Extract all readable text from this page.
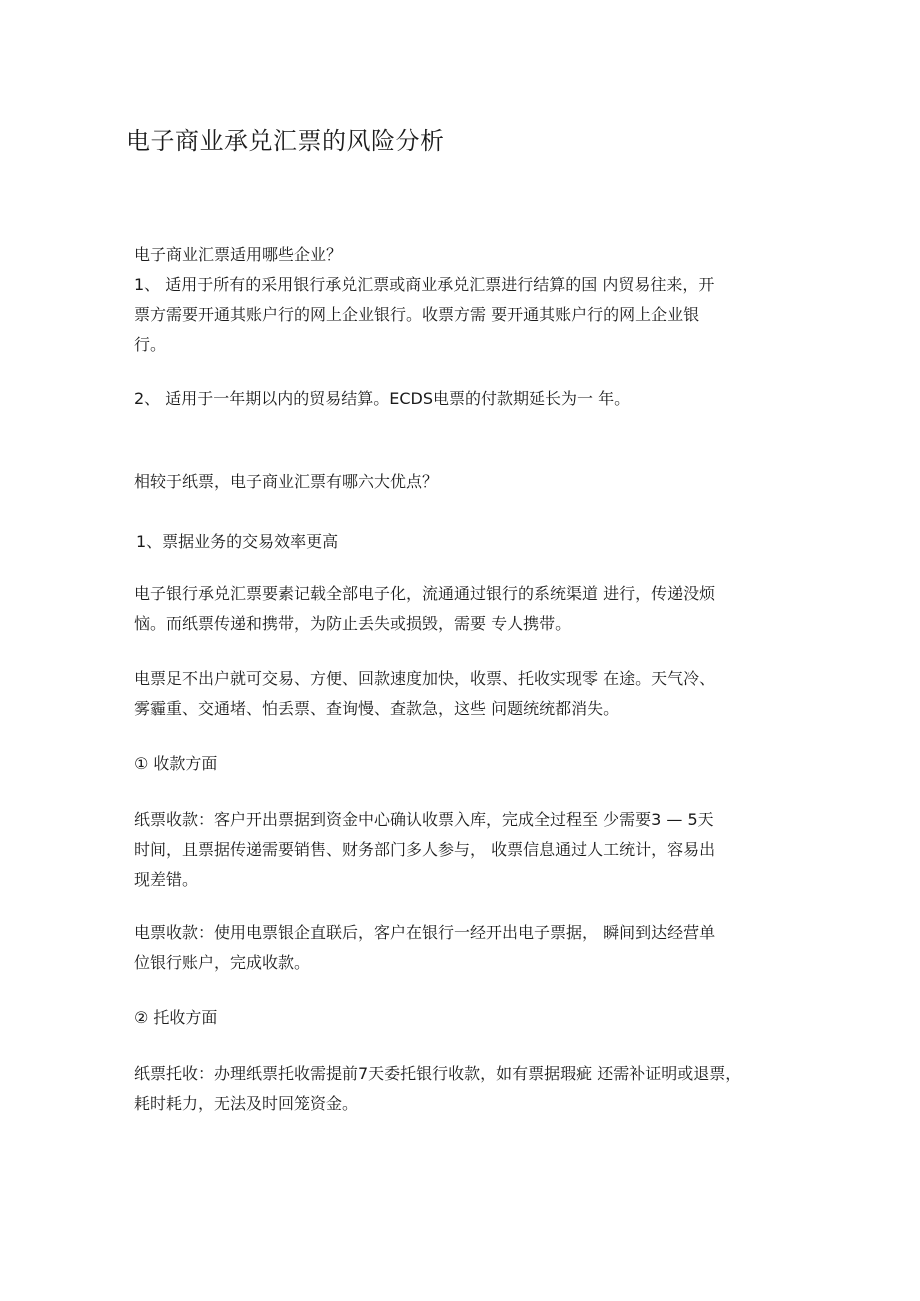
电子商业承兑汇票的风险分析

电子商业汇票适用哪些企业？

1、 适用于所有的采用银行承兑汇票或商业承兑汇票进行结算的国 内贸易往来，开
票方需要开通其账户行的网上企业银行。收票方需 要开通其账户行的网上企业银
行。

2、 适用于一年期以内的贸易结算。ECDS电票的付款期延长为一 年。

相较于纸票，电子商业汇票有哪六大优点？

1、票据业务的交易效率更高

电子银行承兑汇票要素记载全部电子化，流通通过银行的系统渠道 进行，传递没烦
恼。而纸票传递和携带，为防止丢失或损毁，需要 专人携带。

电票足不出户就可交易、方便、回款速度加快，收票、托收实现零 在途。天气冷、
雾霾重、交通堵、怕丢票、查询慢、查款急，这些 问题统统都消失。

① 收款方面

纸票收款：客户开出票据到资金中心确认收票入库，完成全过程至 少需要3 — 5天
时间，且票据传递需要销售、财务部门多人参与， 收票信息通过人工统计，容易出
现差错。

电票收款：使用电票银企直联后，客户在银行一经开出电子票据， 瞬间到达经营单
位银行账户，完成收款。

② 托收方面

纸票托收：办理纸票托收需提前7天委托银行收款，如有票据瑕疵 还需补证明或退票，
耗时耗力，无法及时回笼资金。
